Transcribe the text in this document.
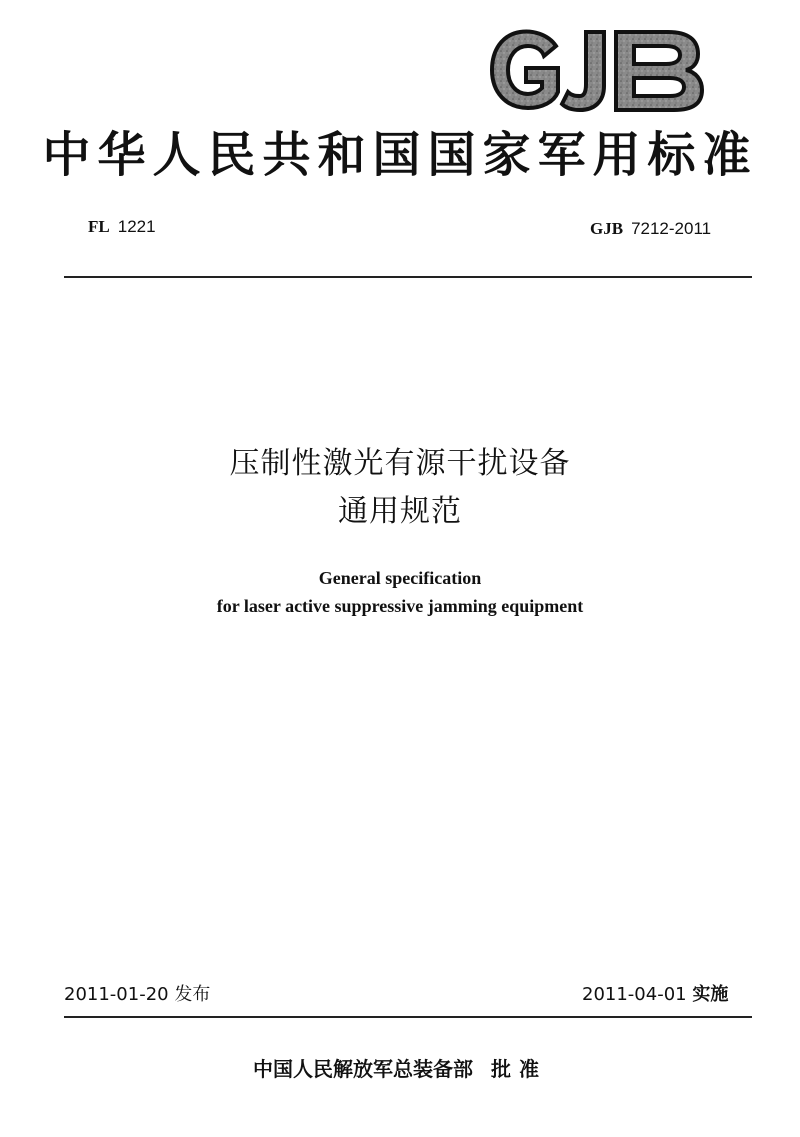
GJB
中华人民共和国国家军用标准
FL 1221	GJB 7212-2011
压制性激光有源干扰设备
通用规范
General specification
for laser active suppressive jamming equipment
2011-01-20 发布	2011-04-01 实施
中国人民解放军总装备部 批准
